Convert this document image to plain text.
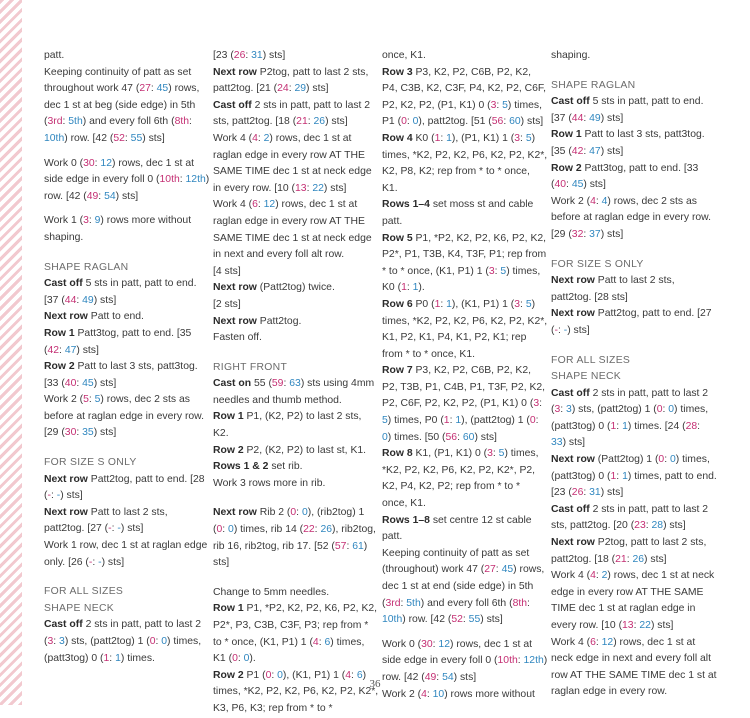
patt.

Keeping continuity of patt as set throughout work 47 (27: 45) rows, dec 1 st at beg (side edge) in 5th (3rd: 5th) and every foll 6th (8th: 10th) row. [42 (52: 55) sts]

Work 0 (30: 12) rows, dec 1 st at side edge in every foll 0 (10th: 12th) row. [42 (49: 54) sts]

Work 1 (3: 9) rows more without shaping.

SHAPE RAGLAN

Cast off 5 sts in patt, patt to end. [37 (44: 49) sts]

Next row Patt to end.

Row 1 Patt3tog, patt to end. [35 (42: 47) sts]

Row 2 Patt to last 3 sts, patt3tog. [33 (40: 45) sts]

Work 2 (5: 5) rows, dec 2 sts as before at raglan edge in every row. [29 (30: 35) sts]

FOR SIZE S ONLY

Next row Patt2tog, patt to end. [28 (-: -) sts]

Next row Patt to last 2 sts, patt2tog. [27 (-: -) sts]

Work 1 row, dec 1 st at raglan edge only. [26 (-: -) sts]

FOR ALL SIZES

SHAPE NECK

Cast off 2 sts in patt, patt to last 2 (3: 3) sts, (patt2tog) 1 (0: 0) times, (patt3tog) 0 (1: 1) times.

[23 (26: 31) sts]

Next row P2tog, patt to last 2 sts, patt2tog. [21 (24: 29) sts]

Cast off 2 sts in patt, patt to last 2 sts, patt2tog. [18 (21: 26) sts]

Work 4 (4: 2) rows, dec 1 st at raglan edge in every row AT THE SAME TIME dec 1 st at neck edge in every row. [10 (13: 22) sts]

Work 4 (6: 12) rows, dec 1 st at raglan edge in every row AT THE SAME TIME dec 1 st at neck edge in next and every foll alt row.

[4 sts]

Next row (Patt2tog) twice.

[2 sts]

Next row Patt2tog.

Fasten off.

RIGHT FRONT

Cast on 55 (59: 63) sts using 4mm needles and thumb method.

Row 1 P1, (K2, P2) to last 2 sts, K2.

Row 2 P2, (K2, P2) to last st, K1.

Rows 1 & 2 set rib.

Work 3 rows more in rib.

Next row Rib 2 (0: 0), (rib2tog) 1 (0: 0) times, rib 14 (22: 26), rib2tog, rib 16, rib2tog, rib 17. [52 (57: 61) sts]

Change to 5mm needles.

Row 1 P1, *P2, K2, P2, K6, P2, K2, P2*, P3, C3B, C3F, P3; rep from * to * once, (K1, P1) 1 (4: 6) times, K1 (0: 0).

Row 2 P1 (0: 0), (K1, P1) 1 (4: 6) times, *K2, P2, K2, P6, K2, P2, K2*, K3, P6, K3; rep from * to *

once, K1.

Row 3 P3, K2, P2, C6B, P2, K2, P4, C3B, K2, C3F, P4, K2, P2, C6F, P2, K2, P2, (P1, K1) 0 (3: 5) times, P1 (0: 0), patt2tog. [51 (56: 60) sts]

Row 4 K0 (1: 1), (P1, K1) 1 (3: 5) times, *K2, P2, K2, P6, K2, P2, K2*, K2, P8, K2; rep from * to * once, K1.

Rows 1–4 set moss st and cable patt.

Row 5 P1, *P2, K2, P2, K6, P2, K2, P2*, P1, T3B, K4, T3F, P1; rep from * to * once, (K1, P1) 1 (3: 5) times, K0 (1: 1).

Row 6 P0 (1: 1), (K1, P1) 1 (3: 5) times, *K2, P2, K2, P6, K2, P2, K2*, K1, P2, K1, P4, K1, P2, K1; rep from * to * once, K1.

Row 7 P3, K2, P2, C6B, P2, K2, P2, T3B, P1, C4B, P1, T3F, P2, K2, P2, C6F, P2, K2, P2, (P1, K1) 0 (3: 5) times, P0 (1: 1), (patt2tog) 1 (0: 0) times. [50 (56: 60) sts]

Row 8 K1, (P1, K1) 0 (3: 5) times, *K2, P2, K2, P6, K2, P2, K2*, P2, K2, P4, K2, P2; rep from * to * once, K1.

Rows 1–8 set centre 12 st cable patt.

Keeping continuity of patt as set (throughout) work 47 (27: 45) rows, dec 1 st at end (side edge) in 5th (3rd: 5th) and every foll 6th (8th: 10th) row. [42 (52: 55) sts]

Work 0 (30: 12) rows, dec 1 st at side edge in every foll 0 (10th: 12th) row. [42 (49: 54) sts]

Work 2 (4: 10) rows more without

shaping.

SHAPE RAGLAN

Cast off 5 sts in patt, patt to end. [37 (44: 49) sts]

Row 1 Patt to last 3 sts, patt3tog. [35 (42: 47) sts]

Row 2 Patt3tog, patt to end. [33 (40: 45) sts]

Work 2 (4: 4) rows, dec 2 sts as before at raglan edge in every row. [29 (32: 37) sts]

FOR SIZE S ONLY

Next row Patt to last 2 sts, patt2tog. [28 sts]

Next row Patt2tog, patt to end. [27 (-: -) sts]

FOR ALL SIZES

SHAPE NECK

Cast off 2 sts in patt, patt to last 2 (3: 3) sts, (patt2tog) 1 (0: 0) times, (patt3tog) 0 (1: 1) times. [24 (28: 33) sts]

Next row (Patt2tog) 1 (0: 0) times, (patt3tog) 0 (1: 1) times, patt to end. [23 (26: 31) sts]

Cast off 2 sts in patt, patt to last 2 sts, patt2tog. [20 (23: 28) sts]

Next row P2tog, patt to last 2 sts, patt2tog. [18 (21: 26) sts]

Work 4 (4: 2) rows, dec 1 st at neck edge in every row AT THE SAME TIME dec 1 st at raglan edge in every row. [10 (13: 22) sts]

Work 4 (6: 12) rows, dec 1 st at neck edge in next and every foll alt row AT THE SAME TIME dec 1 st at raglan edge in every row.

36
